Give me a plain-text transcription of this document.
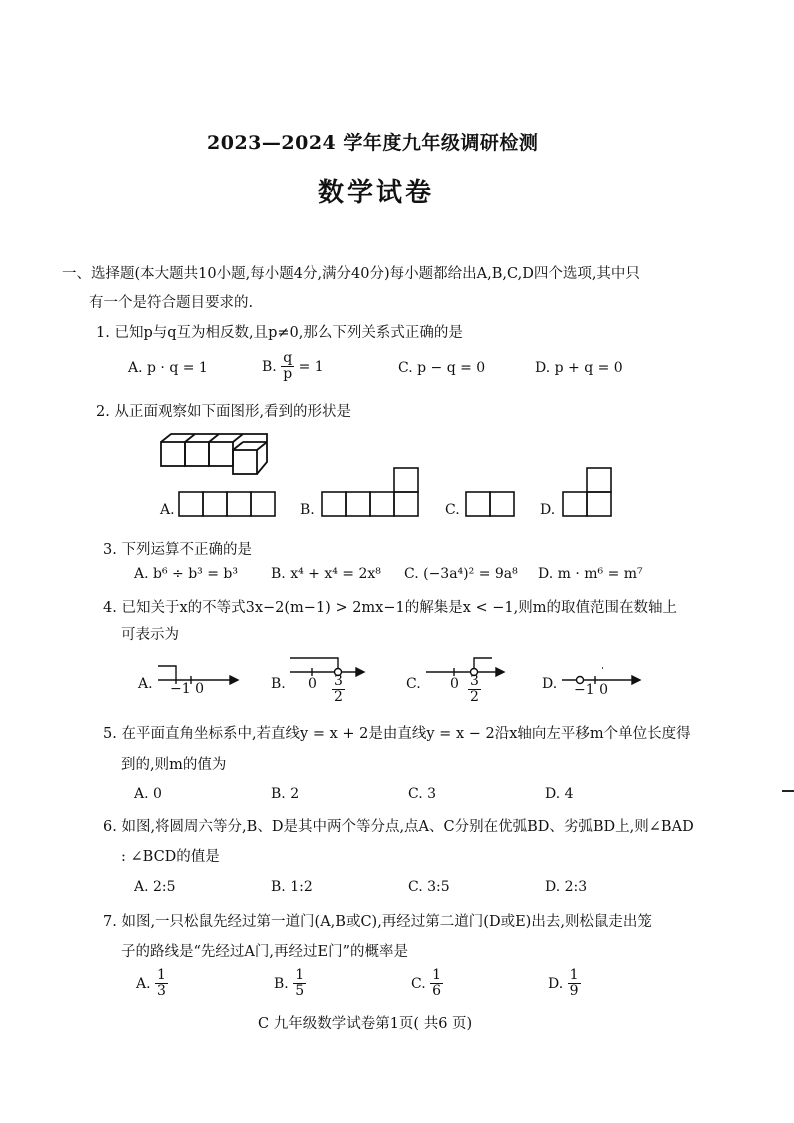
2023—2024 学年度九年级调研检测
数学试卷
一、选择题(本大题共10小题,每小题4分,满分40分)每小题都给出A,B,C,D四个选项,其中只
有一个是符合题目要求的.
1. 已知p与q互为相反数,且p≠0,那么下列关系式正确的是
A. p · q = 1	B. $\frac{q}{p} = 1$	C. p − q = 0	D. p + q = 0
2. 从正面观察如下面图形,看到的形状是
A.	B.	C.	D.
3. 下列运算不正确的是
A. b⁶ ÷ b³ = b³ B. x⁴ + x⁴ = 2x⁸ C. (−3a⁴)² = 9a⁸ D. m · m⁶ = m⁷
4. 已知关于x的不等式3x−2(m−1) > 2mx−1的解集是x < −1,则m的取值范围在数轴上
可表示为
A. −1 0	B. $0 \frac{3}{2}$	C. $0 \frac{3}{2}$	D. −1 0
5. 在平面直角坐标系中,若直线y = x + 2是由直线y = x − 2沿x轴向左平移m个单位长度得
到的,则m的值为
A. 0	B. 2	C. 3	D. 4
6. 如图,将圆周六等分,B、D是其中两个等分点,点A、C分别在优弧BD、劣弧BD上,则∠BAD
: ∠BCD的值是
A. 2:5	B. 1:2	C. 3:5	D. 2:3
7. 如图,一只松鼠先经过第一道门(A,B或C),再经过第二道门(D或E)出去,则松鼠走出笼
子的路线是“先经过A门,再经过E门”的概率是
A. $\frac{1}{3}$	B. $\frac{1}{5}$	C. $\frac{1}{6}$	D. $\frac{1}{9}$
C 九年级数学试卷第1页( 共6 页)
